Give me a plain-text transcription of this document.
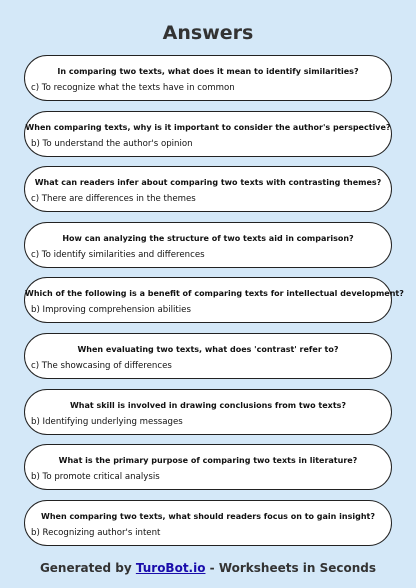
Answers
In comparing two texts, what does it mean to identify similarities?
c) To recognize what the texts have in common
When comparing texts, why is it important to consider the author's perspective?
b) To understand the author's opinion
What can readers infer about comparing two texts with contrasting themes?
c) There are differences in the themes
How can analyzing the structure of two texts aid in comparison?
c) To identify similarities and differences
Which of the following is a benefit of comparing texts for intellectual development?
b) Improving comprehension abilities
When evaluating two texts, what does 'contrast' refer to?
c) The showcasing of differences
What skill is involved in drawing conclusions from two texts?
b) Identifying underlying messages
What is the primary purpose of comparing two texts in literature?
b) To promote critical analysis
When comparing two texts, what should readers focus on to gain insight?
b) Recognizing author's intent
Generated by TuroBot.io - Worksheets in Seconds
